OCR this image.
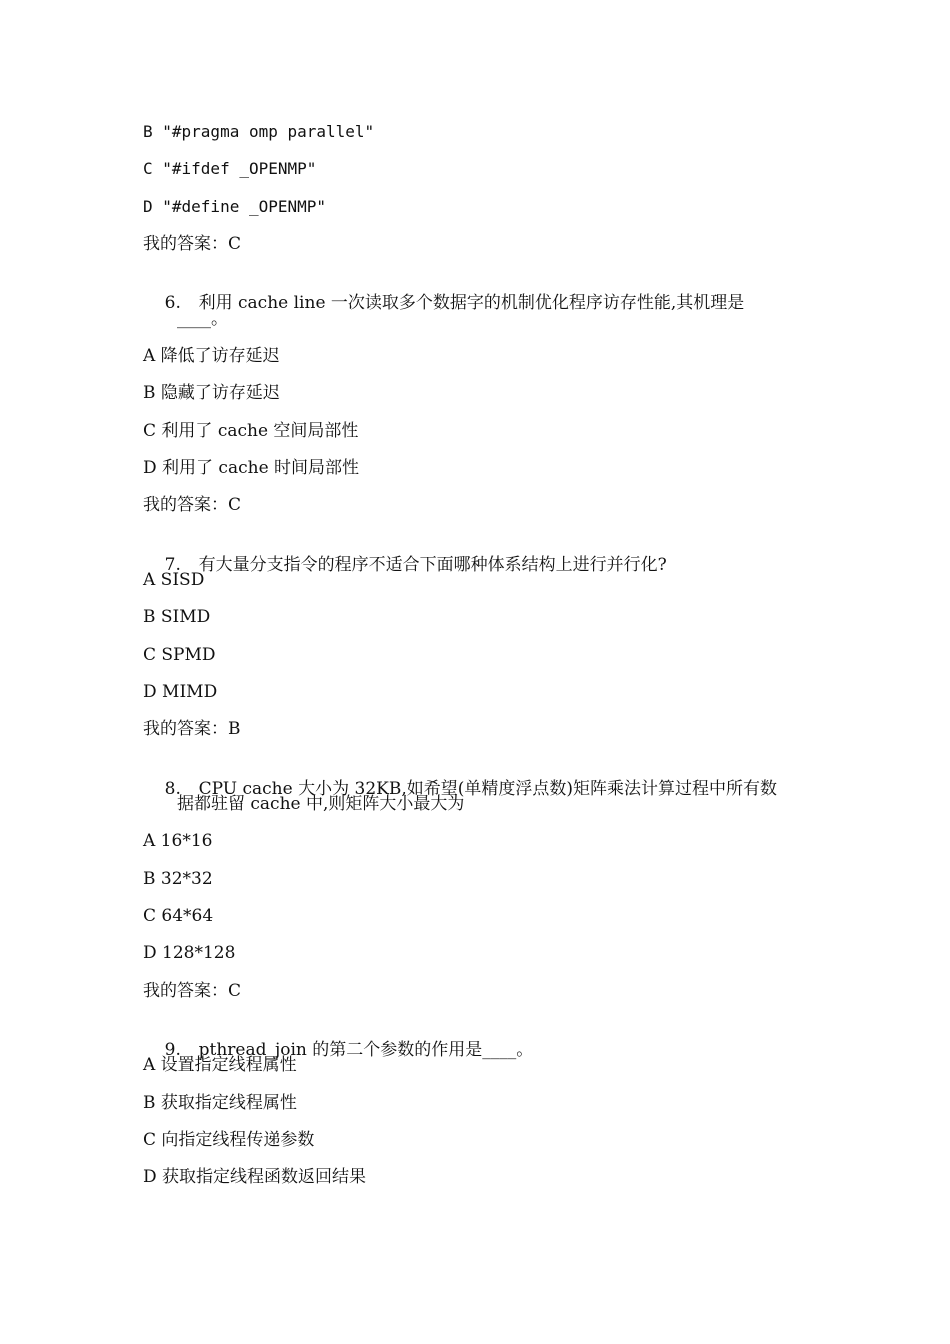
B "#pragma omp parallel"
C "#ifdef _OPENMP"
D "#define _OPENMP"
我的答案：C

6. 利用 cache line 一次读取多个数据字的机制优化程序访存性能,其机理是

____。
A 降低了访存延迟
B 隐藏了访存延迟
C 利用了 cache 空间局部性
D 利用了 cache 时间局部性
我的答案：C

7. 有大量分支指令的程序不适合下面哪种体系结构上进行并行化?

A SISD
B SIMD
C SPMD
D MIMD
我的答案：B

8. CPU cache 大小为 32KB,如希望(单精度浮点数)矩阵乘法计算过程中所有数

据都驻留 cache 中,则矩阵大小最大为
A 16*16
B 32*32
C 64*64
D 128*128
我的答案：C

9. pthread_join 的第二个参数的作用是____。

A 设置指定线程属性
B 获取指定线程属性
C 向指定线程传递参数
D 获取指定线程函数返回结果
